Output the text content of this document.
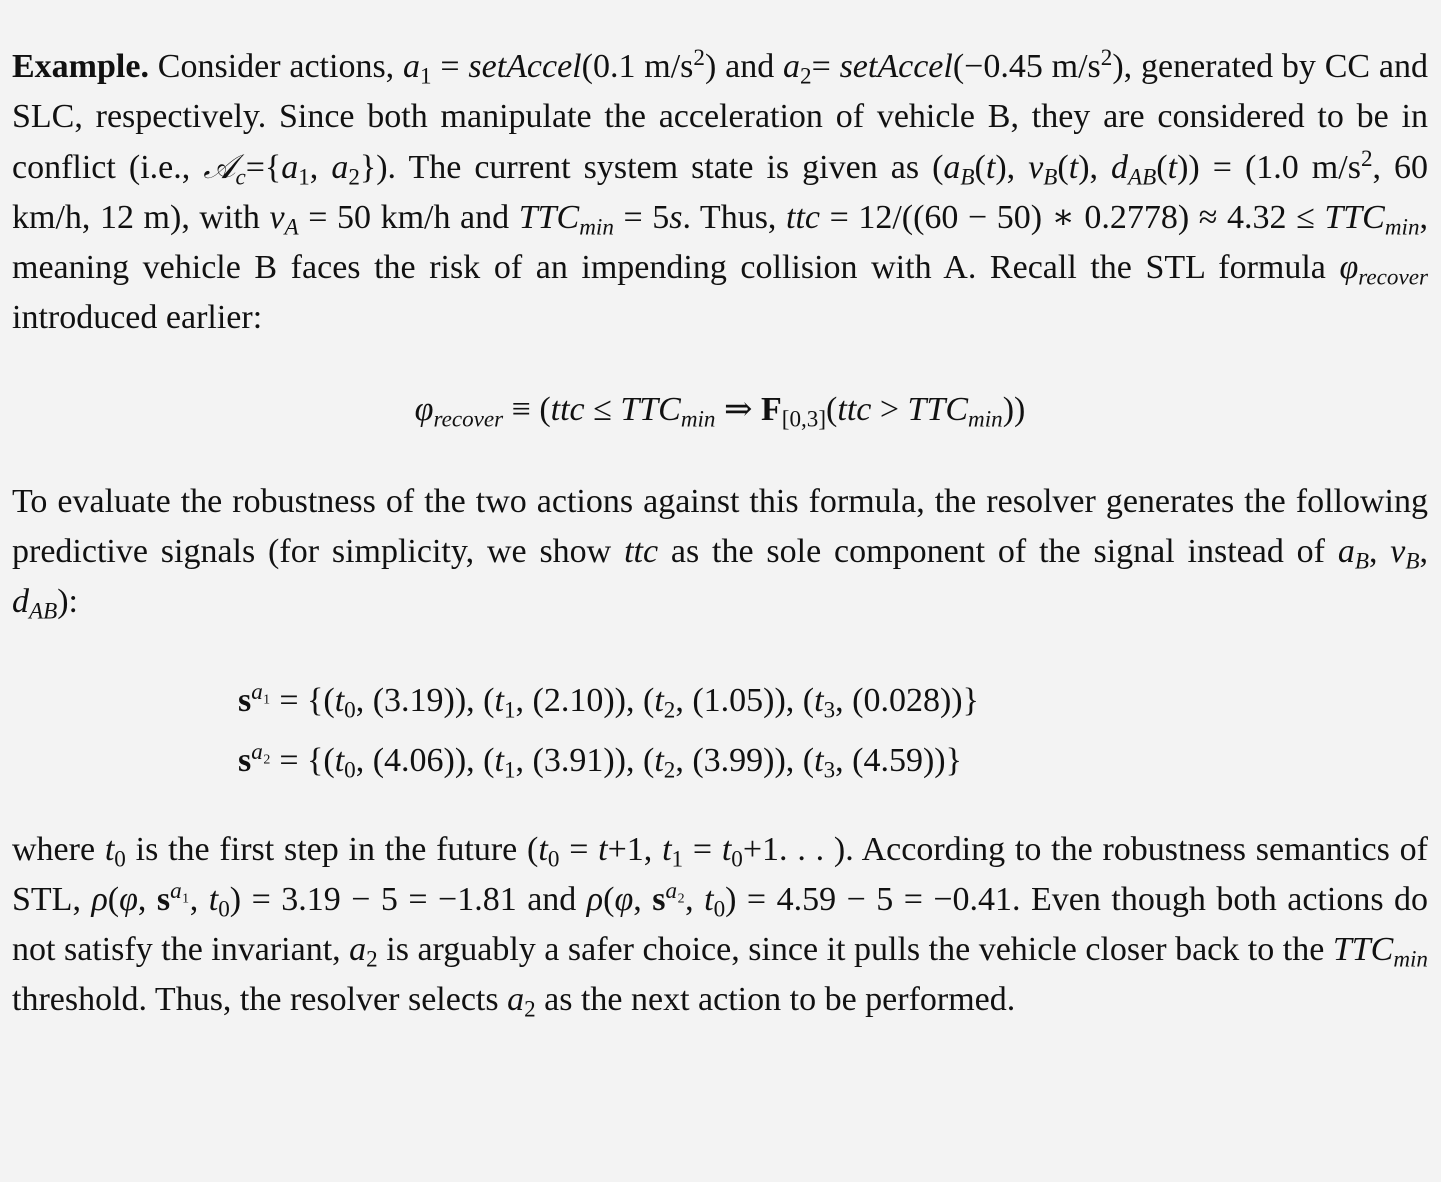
Example. Consider actions, $a_1$ = setAccel(0.1 $m/s^2$) and $a_2=$ setAccel(−0.45 $m/s^2$), generated by CC and SLC, respectively. Since both manipulate the acceleration of vehicle B, they are considered to be in conflict (i.e., $𝒜_c=\{a_1$, $a_2$}). The current system state is given as ($a_B(t)$, $v_B(t)$, $d_{AB}(t)) = (1.0$ $m/s^2$, 60 km/h, 12 m), with $v_A = 50$ km/h and $TTC_{min} = 5s$. Thus, ttc = 12/((60 − 50) ∗ $0.2778) \approx 4.32 \le TTC_{min}$, meaning vehicle B faces the risk of an impending collision with A. Recall the STL formula $\varphi_{recover}$ introduced earlier:

$\varphi_{recover} \equiv (ttc \le TTC_{min}$ ⇒ $F_{[0,3]}(ttc > TTC_{min})$)

To evaluate the robustness of the two actions against this formula, the resolver generates the following predictive signals (for simplicity, we show ttc as the sole component of the signal instead of $a_B$, $v_B$, $d_{AB}$):

$s^{a_1} = \{(t_0$, (3.19)), ($t_1$, (2.10)), ($t_2$, (1.05)), ($t_3$, (0.028))}
$s^{a_2} = \{(t_0$, (4.06)), ($t_1$, (3.91)), ($t_2$, (3.99)), ($t_3$, (4.59))}

where $t_0$ is the first step in the future ($t_0 = t+1$, $t_1 = t_0+1$. . . ). According to the robustness semantics of STL, ρ(φ, $s^{a_1}$, $t_0) = 3.19 - 5 = -1.81$ and ρ(φ, $s^{a_2}$, $t_0) = 4.59 - 5 = -0.41$. Even though both actions do not satisfy the invariant, $a_2$ is arguably a safer choice, since it pulls the vehicle closer back to the $TTC_{min}$ threshold. Thus, the resolver selects $a_2$ as the next action to be performed.
